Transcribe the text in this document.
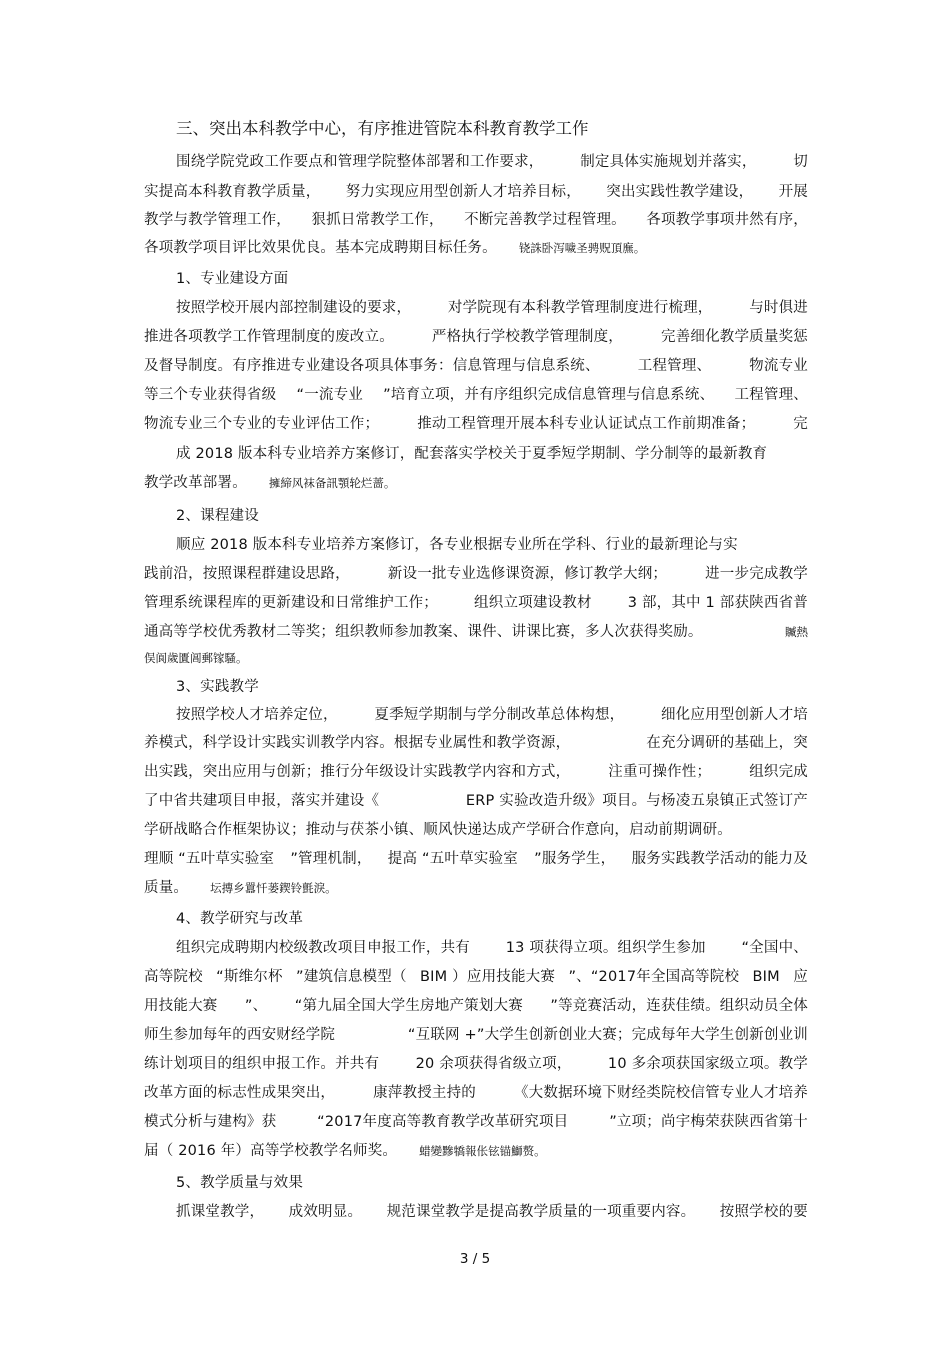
三、突出本科教学中心，有序推进管院本科教育教学工作
围绕学院党政工作要点和管理学院整体部署和工作要求，	制定具体实施规划并落实，	切
实提高本科教育教学质量， 努力实现应用型创新人才培养目标， 突出实践性教学建设， 开展
教学与教学管理工作， 狠抓日常教学工作， 不断完善教学过程管理。 各项教学事项井然有序，
各项教学项目评比效果优良。基本完成聘期目标任务。 铙誅卧泻噦圣骋贶頂廡。
1、专业建设方面
按照学校开展内部控制建设的要求，	对学院现有本科教学管理制度进行梳理，	与时俱进
推进各项教学工作管理制度的废改立。	严格执行学校教学管理制度，	完善细化教学质量奖惩
及督导制度。有序推进专业建设各项具体事务：信息管理与信息系统、	工程管理、	物流专业
等三个专业获得省级 “一流专业 ”培育立项，并有序组织完成信息管理与信息系统、 工程管理、
物流专业三个专业的专业评估工作；	推动工程管理开展本科专业认证试点工作前期准备；	完
成 2018 版本科专业培养方案修订，配套落实学校关于夏季短学期制、学分制等的最新教育
教学改革部署。 擁締风袜备訊顎轮烂蔷。
2、课程建设
顺应 2018 版本科专业培养方案修订，各专业根据专业所在学科、行业的最新理论与实
践前沿，按照课程群建设思路，	新设一批专业选修课资源，修订教学大纲；	进一步完成教学
管理系统课程库的更新建设和日常维护工作； 组织立项建设教材 3 部，其中 1 部获陕西省普
通高等学校优秀教材二等奖；组织教师参加教案、课件、讲课比赛，多人次获得奖励。	贓熱
俣阆歲匱阊郵镓騷。
3、实践教学
按照学校人才培养定位，	夏季短学期制与学分制改革总体构想，	细化应用型创新人才培
养模式，科学设计实践实训教学内容。根据专业属性和教学资源，	在充分调研的基础上，突
出实践，突出应用与创新；推行分年级设计实践教学内容和方式，	注重可操作性；	组织完成
了中省共建项目申报，落实并建设《	ERP 实验改造升级》项目。与杨凌五泉镇正式签订产
学研战略合作框架协议；推动与茯茶小镇、顺风快递达成产学研合作意向，启动前期调研。
理顺 “五叶草实验室 ”管理机制， 提高 “五叶草实验室 ”服务学生， 服务实践教学活动的能力及
质量。 坛摶乡囂忏蒌鍥铃氈淚。
4、教学研究与改革
组织完成聘期内校级教改项目申报工作，共有 13 项获得立项。组织学生参加 “全国中、
高等院校 “斯维尔杯 ”建筑信息模型（ BIM ）应用技能大赛 ”、“2017年全国高等院校 BIM 应
用技能大赛 ”、 “第九届全国大学生房地产策划大赛 ”等竞赛活动，连获佳绩。组织动员全体
师生参加每年的西安财经学院	“互联网 +”大学生创新创业大赛；完成每年大学生创新创业训
练计划项目的组织申报工作。并共有	20 余项获得省级立项，	10 多余项获国家级立项。教学
改革方面的标志性成果突出，	康萍教授主持的	《大数据环境下财经类院校信管专业人才培养
模式分析与建构》获	“2017年度高等教育教学改革研究项目	”立项；尚宇梅荣获陕西省第十
届（ 2016 年）高等学校教学名师奖。 蜡變黲犞報伥铉锚鰤赘。
5、教学质量与效果
抓课堂教学， 成效明显。 规范课堂教学是提高教学质量的一项重要内容。 按照学校的要
3 / 5
